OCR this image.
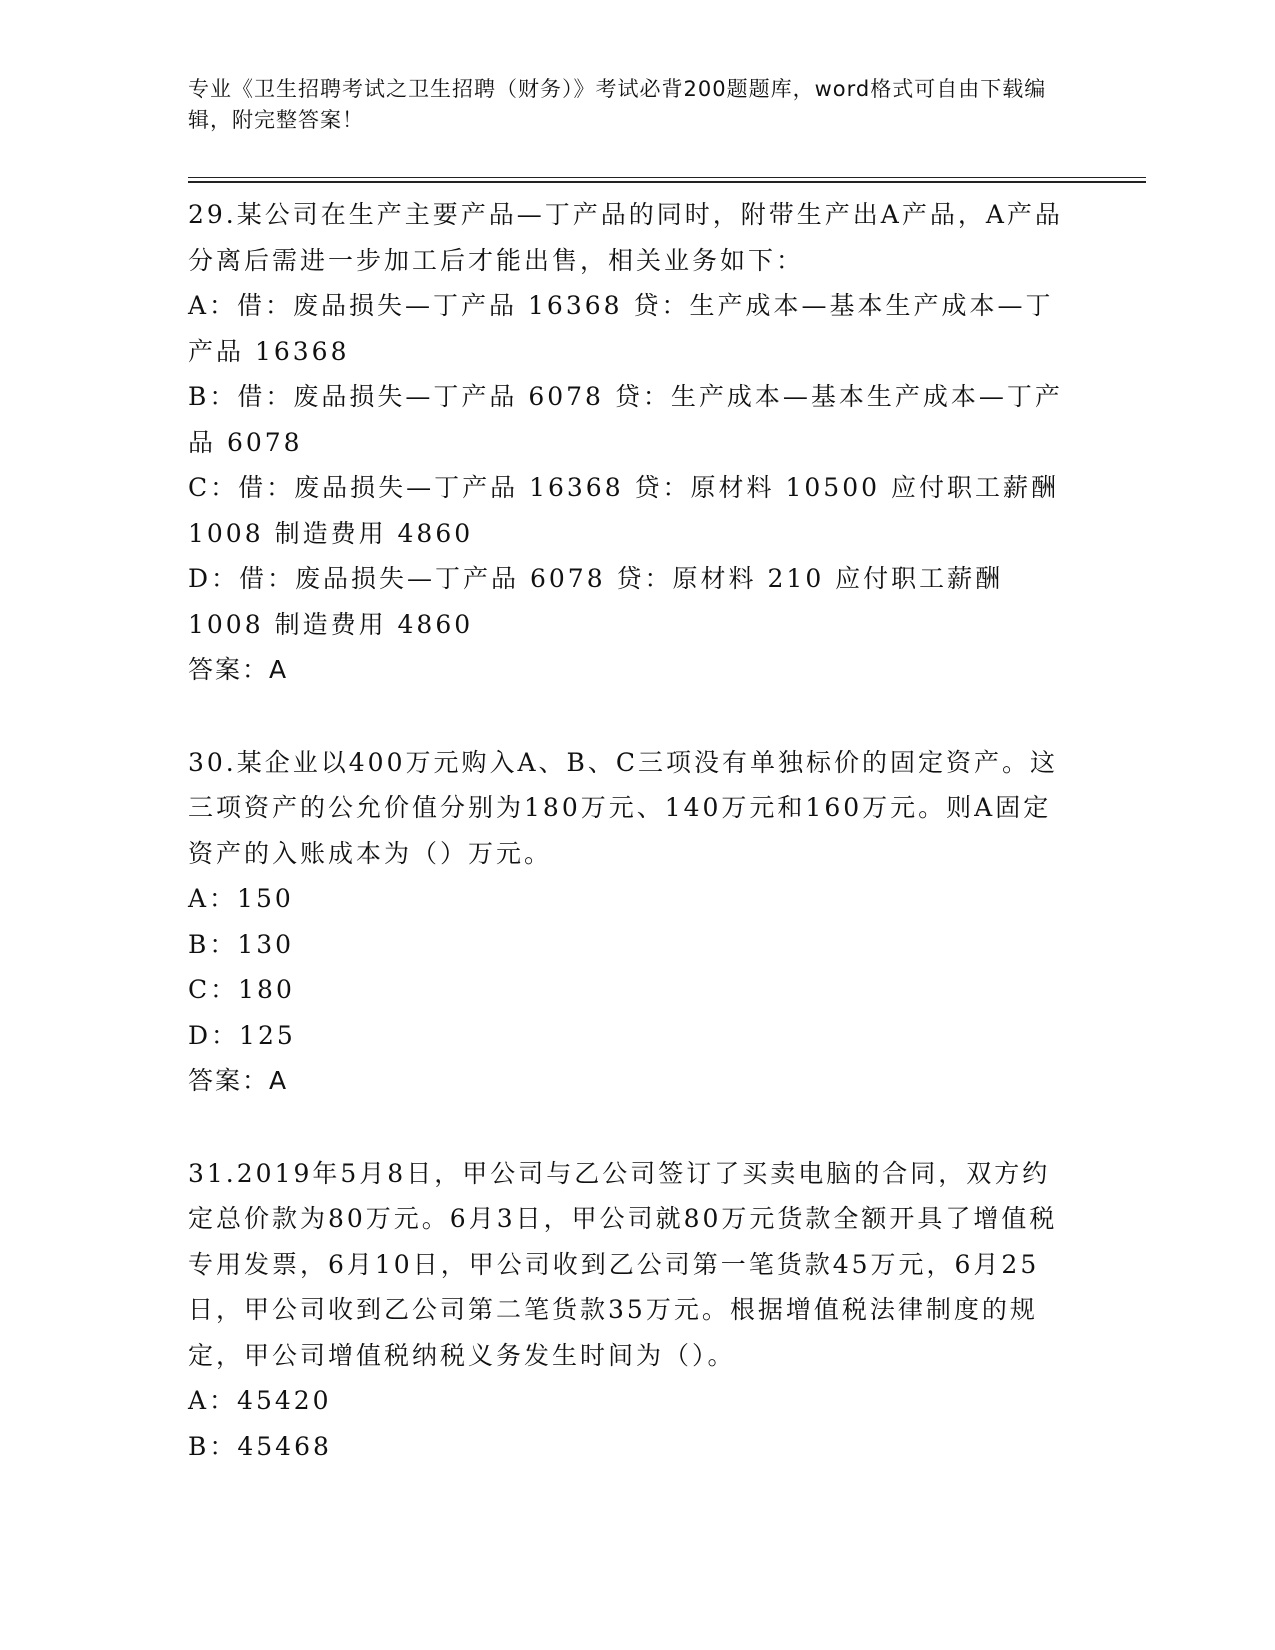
专业《卫生招聘考试之卫生招聘（财务）》考试必背200题题库，word格式可自由下载编辑，附完整答案！

29.某公司在生产主要产品—丁产品的同时，附带生产出A产品，A产品分离后需进一步加工后才能出售，相关业务如下：

A：借：废品损失—丁产品 16368 贷：生产成本—基本生产成本—丁产品 16368

B：借：废品损失—丁产品 6078 贷：生产成本—基本生产成本—丁产品 6078

C：借：废品损失—丁产品 16368 贷：原材料 10500 应付职工薪酬 1008 制造费用 4860

D：借：废品损失—丁产品 6078 贷：原材料 210 应付职工薪酬 1008 制造费用 4860

答案：A

30.某企业以400万元购入A、B、C三项没有单独标价的固定资产。这三项资产的公允价值分别为180万元、140万元和160万元。则A固定资产的入账成本为（）万元。

A：150

B：130

C：180

D：125

答案：A

31.2019年5月8日，甲公司与乙公司签订了买卖电脑的合同，双方约定总价款为80万元。6月3日，甲公司就80万元货款全额开具了增值税专用发票，6月10日，甲公司收到乙公司第一笔货款45万元，6月25日，甲公司收到乙公司第二笔货款35万元。根据增值税法律制度的规定，甲公司增值税纳税义务发生时间为（）。

A：45420

B：45468
